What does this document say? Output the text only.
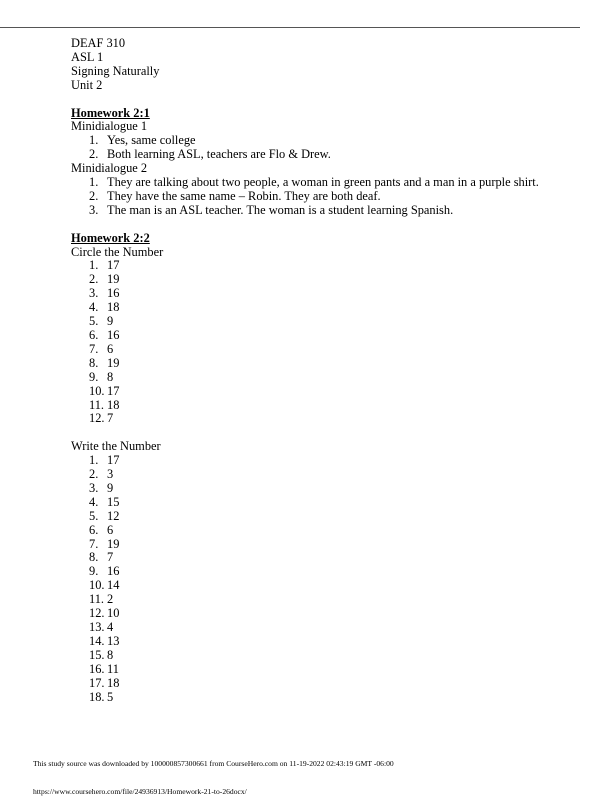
DEAF 310
ASL 1
Signing Naturally
Unit 2
Homework 2:1
Minidialogue 1
1. Yes, same college
2. Both learning ASL, teachers are Flo & Drew.
Minidialogue 2
1. They are talking about two people, a woman in green pants and a man in a purple shirt.
2. They have the same name – Robin. They are both deaf.
3. The man is an ASL teacher. The woman is a student learning Spanish.
Homework 2:2
Circle the Number
1. 17
2. 19
3. 16
4. 18
5. 9
6. 16
7. 6
8. 19
9. 8
10. 17
11. 18
12. 7
Write the Number
1. 17
2. 3
3. 9
4. 15
5. 12
6. 6
7. 19
8. 7
9. 16
10. 14
11. 2
12. 10
13. 4
14. 13
15. 8
16. 11
17. 18
18. 5
This study source was downloaded by 100000857300661 from CourseHero.com on 11-19-2022 02:43:19 GMT -06:00
https://www.coursehero.com/file/24936913/Homework-21-to-26docx/
